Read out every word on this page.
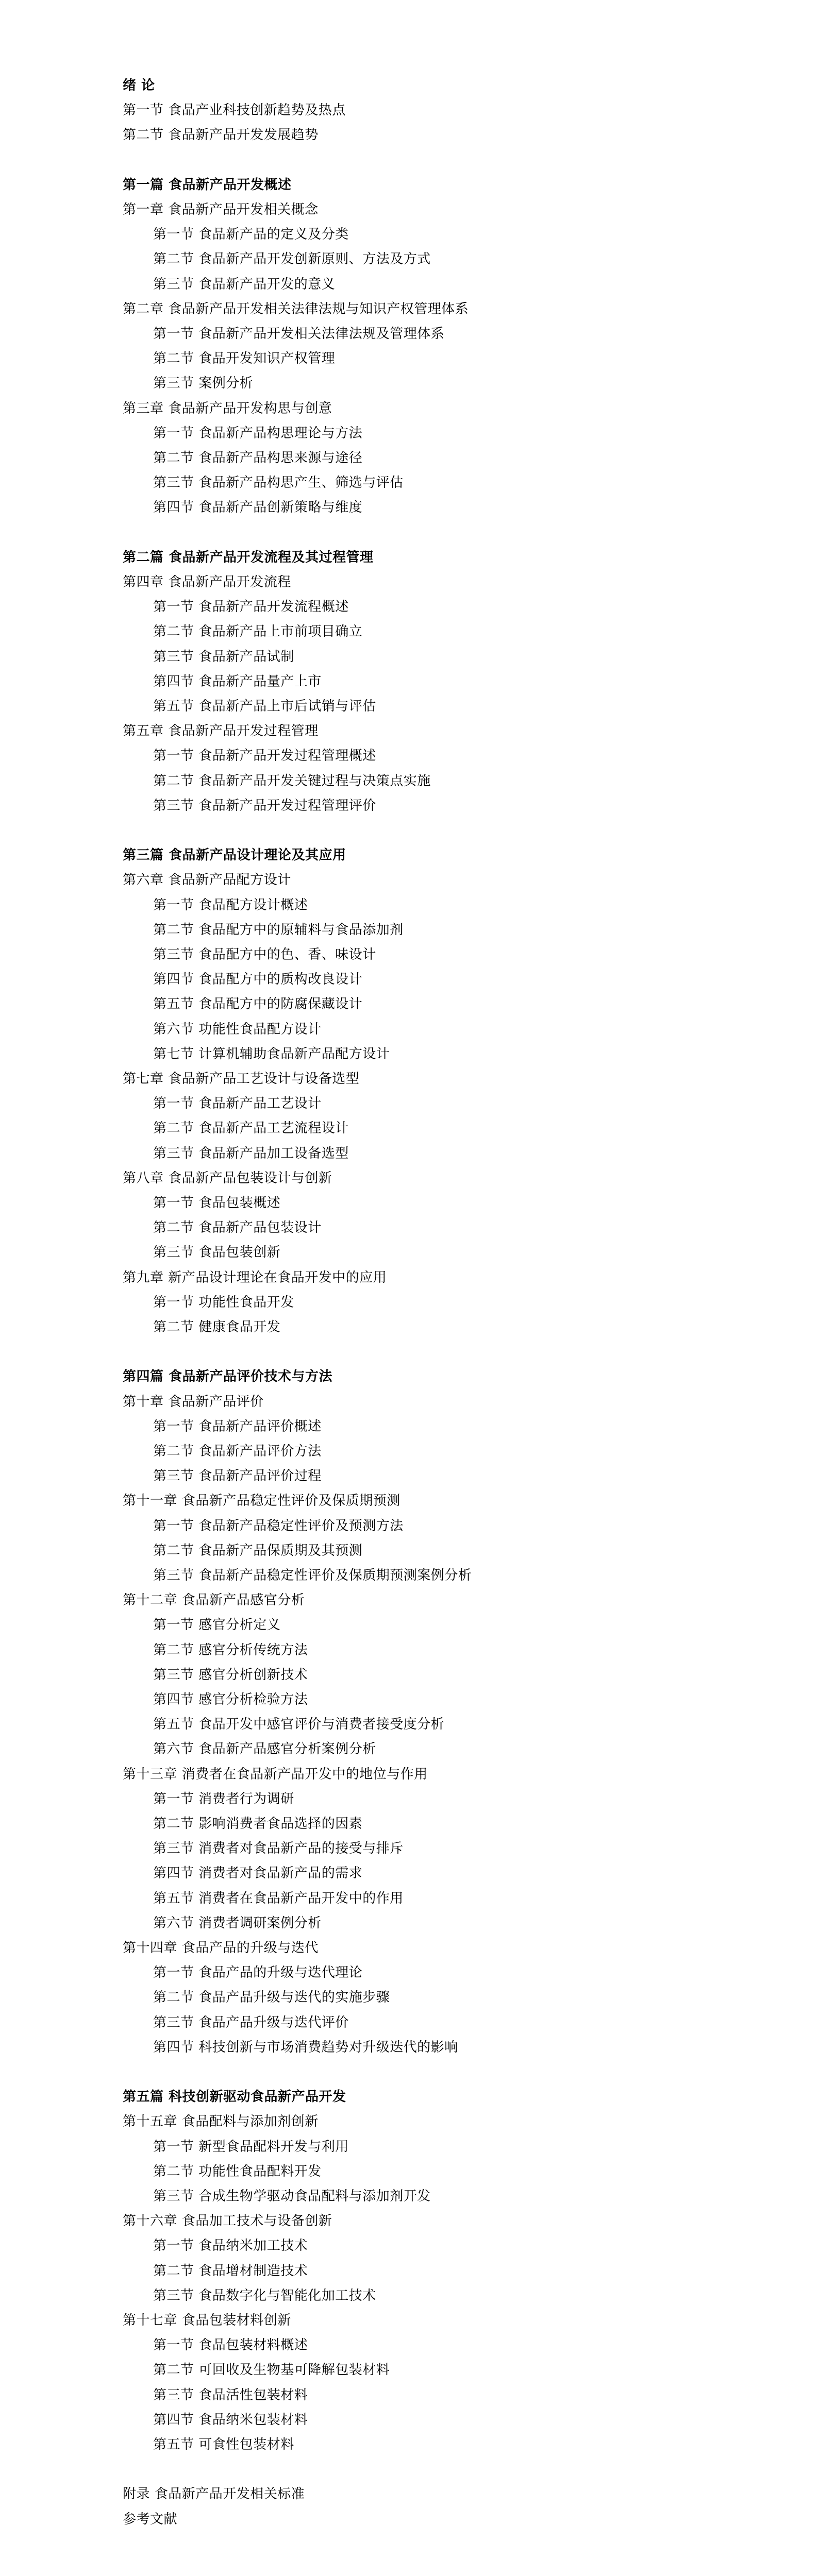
绪 论
第一节 食品产业科技创新趋势及热点
第二节 食品新产品开发发展趋势
第一篇 食品新产品开发概述
第一章 食品新产品开发相关概念
第一节 食品新产品的定义及分类
第二节 食品新产品开发创新原则、方法及方式
第三节 食品新产品开发的意义
第二章 食品新产品开发相关法律法规与知识产权管理体系
第一节 食品新产品开发相关法律法规及管理体系
第二节 食品开发知识产权管理
第三节 案例分析
第三章 食品新产品开发构思与创意
第一节 食品新产品构思理论与方法
第二节 食品新产品构思来源与途径
第三节 食品新产品构思产生、筛选与评估
第四节 食品新产品创新策略与维度
第二篇 食品新产品开发流程及其过程管理
第四章 食品新产品开发流程
第一节 食品新产品开发流程概述
第二节 食品新产品上市前项目确立
第三节 食品新产品试制
第四节 食品新产品量产上市
第五节 食品新产品上市后试销与评估
第五章 食品新产品开发过程管理
第一节 食品新产品开发过程管理概述
第二节 食品新产品开发关键过程与决策点实施
第三节 食品新产品开发过程管理评价
第三篇 食品新产品设计理论及其应用
第六章 食品新产品配方设计
第一节 食品配方设计概述
第二节 食品配方中的原辅料与食品添加剂
第三节 食品配方中的色、香、味设计
第四节 食品配方中的质构改良设计
第五节 食品配方中的防腐保藏设计
第六节 功能性食品配方设计
第七节 计算机辅助食品新产品配方设计
第七章 食品新产品工艺设计与设备选型
第一节 食品新产品工艺设计
第二节 食品新产品工艺流程设计
第三节 食品新产品加工设备选型
第八章 食品新产品包装设计与创新
第一节 食品包装概述
第二节 食品新产品包装设计
第三节 食品包装创新
第九章 新产品设计理论在食品开发中的应用
第一节 功能性食品开发
第二节 健康食品开发
第四篇 食品新产品评价技术与方法
第十章 食品新产品评价
第一节 食品新产品评价概述
第二节 食品新产品评价方法
第三节 食品新产品评价过程
第十一章 食品新产品稳定性评价及保质期预测
第一节 食品新产品稳定性评价及预测方法
第二节 食品新产品保质期及其预测
第三节 食品新产品稳定性评价及保质期预测案例分析
第十二章 食品新产品感官分析
第一节 感官分析定义
第二节 感官分析传统方法
第三节 感官分析创新技术
第四节 感官分析检验方法
第五节 食品开发中感官评价与消费者接受度分析
第六节 食品新产品感官分析案例分析
第十三章 消费者在食品新产品开发中的地位与作用
第一节 消费者行为调研
第二节 影响消费者食品选择的因素
第三节 消费者对食品新产品的接受与排斥
第四节 消费者对食品新产品的需求
第五节 消费者在食品新产品开发中的作用
第六节 消费者调研案例分析
第十四章 食品产品的升级与迭代
第一节 食品产品的升级与迭代理论
第二节 食品产品升级与迭代的实施步骤
第三节 食品产品升级与迭代评价
第四节 科技创新与市场消费趋势对升级迭代的影响
第五篇 科技创新驱动食品新产品开发
第十五章 食品配料与添加剂创新
第一节 新型食品配料开发与利用
第二节 功能性食品配料开发
第三节 合成生物学驱动食品配料与添加剂开发
第十六章 食品加工技术与设备创新
第一节 食品纳米加工技术
第二节 食品增材制造技术
第三节 食品数字化与智能化加工技术
第十七章 食品包装材料创新
第一节 食品包装材料概述
第二节 可回收及生物基可降解包装材料
第三节 食品活性包装材料
第四节 食品纳米包装材料
第五节 可食性包装材料
附录 食品新产品开发相关标准
参考文献
